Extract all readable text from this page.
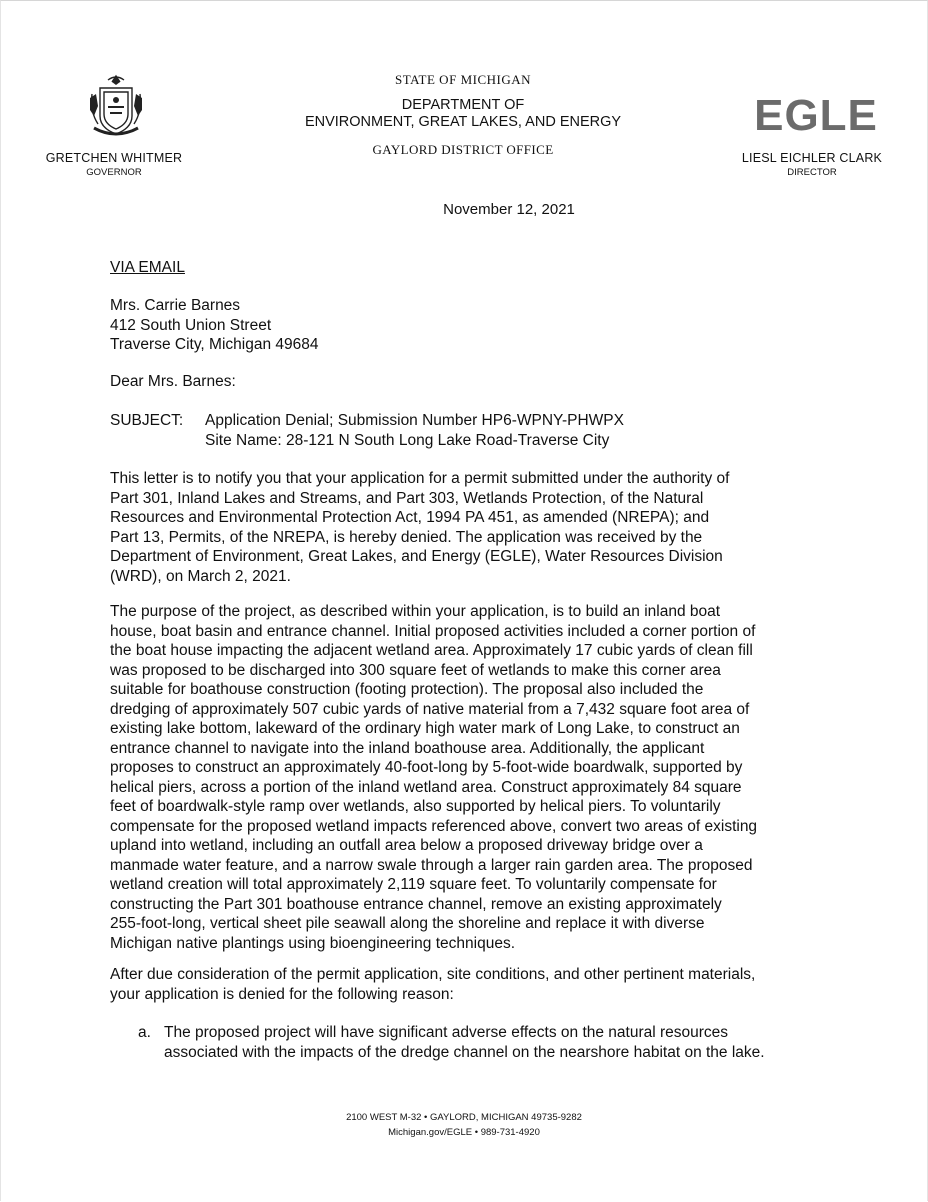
GRETCHEN WHITMER
GOVERNOR
STATE OF MICHIGAN
DEPARTMENT OF
ENVIRONMENT, GREAT LAKES, AND ENERGY
GAYLORD DISTRICT OFFICE
EGLE
LIESL EICHLER CLARK
DIRECTOR
November 12, 2021
VIA EMAIL
Mrs. Carrie Barnes
412 South Union Street
Traverse City, Michigan 49684
Dear Mrs. Barnes:
SUBJECT: Application Denial; Submission Number HP6-WPNY-PHWPX
Site Name: 28-121 N South Long Lake Road-Traverse City
This letter is to notify you that your application for a permit submitted under the authority of
Part 301, Inland Lakes and Streams, and Part 303, Wetlands Protection, of the Natural
Resources and Environmental Protection Act, 1994 PA 451, as amended (NREPA); and
Part 13, Permits, of the NREPA, is hereby denied. The application was received by the
Department of Environment, Great Lakes, and Energy (EGLE), Water Resources Division
(WRD), on March 2, 2021.
The purpose of the project, as described within your application, is to build an inland boat
house, boat basin and entrance channel. Initial proposed activities included a corner portion of
the boat house impacting the adjacent wetland area. Approximately 17 cubic yards of clean fill
was proposed to be discharged into 300 square feet of wetlands to make this corner area
suitable for boathouse construction (footing protection). The proposal also included the
dredging of approximately 507 cubic yards of native material from a 7,432 square foot area of
existing lake bottom, lakeward of the ordinary high water mark of Long Lake, to construct an
entrance channel to navigate into the inland boathouse area. Additionally, the applicant
proposes to construct an approximately 40-foot-long by 5-foot-wide boardwalk, supported by
helical piers, across a portion of the inland wetland area. Construct approximately 84 square
feet of boardwalk-style ramp over wetlands, also supported by helical piers. To voluntarily
compensate for the proposed wetland impacts referenced above, convert two areas of existing
upland into wetland, including an outfall area below a proposed driveway bridge over a
manmade water feature, and a narrow swale through a larger rain garden area. The proposed
wetland creation will total approximately 2,119 square feet. To voluntarily compensate for
constructing the Part 301 boathouse entrance channel, remove an existing approximately
255-foot-long, vertical sheet pile seawall along the shoreline and replace it with diverse
Michigan native plantings using bioengineering techniques.
After due consideration of the permit application, site conditions, and other pertinent materials,
your application is denied for the following reason:
a. The proposed project will have significant adverse effects on the natural resources
associated with the impacts of the dredge channel on the nearshore habitat on the lake.
2100 WEST M-32 • GAYLORD, MICHIGAN 49735-9282
Michigan.gov/EGLE • 989-731-4920
